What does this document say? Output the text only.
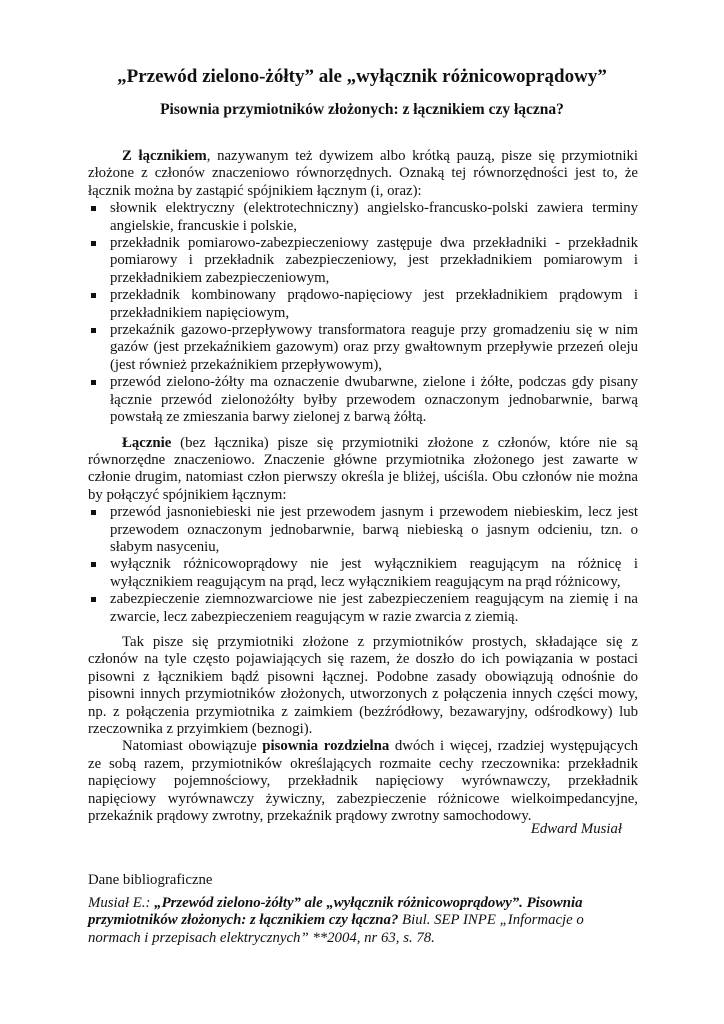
„Przewód zielono-żółty” ale „wyłącznik różnicowoprądowy”
Pisownia przymiotników złożonych: z łącznikiem czy łączna?

Z łącznikiem, nazywanym też dywizem albo krótką pauzą, pisze się przymiotniki złożone z członów znaczeniowo równorzędnych. Oznaką tej równorzędności jest to, że łącznik można by zastąpić spójnikiem łącznym (i, oraz):

słownik elektryczny (elektrotechniczny) angielsko-francusko-polski zawiera terminy angielskie, francuskie i polskie,
przekładnik pomiarowo-zabezpieczeniowy zastępuje dwa przekładniki - przekładnik pomiarowy i przekładnik zabezpieczeniowy, jest przekładnikiem pomiarowym i przekładnikiem zabezpieczeniowym,
przekładnik kombinowany prądowo-napięciowy jest przekładnikiem prądowym i przekładnikiem napięciowym,
przekaźnik gazowo-przepływowy transformatora reaguje przy gromadzeniu się w nim gazów (jest przekaźnikiem gazowym) oraz przy gwałtownym przepływie przezeń oleju (jest również przekaźnikiem przepływowym),
przewód zielono-żółty ma oznaczenie dwubarwne, zielone i żółte, podczas gdy pisany łącznie przewód zielonożółty byłby przewodem oznaczonym jednobarwnie, barwą powstałą ze zmieszania barwy zielonej z barwą żółtą.

Łącznie (bez łącznika) pisze się przymiotniki złożone z członów, które nie są równorzędne znaczeniowo. Znaczenie główne przymiotnika złożonego jest zawarte w członie drugim, natomiast człon pierwszy określa je bliżej, uściśla. Obu członów nie można by połączyć spójnikiem łącznym:

przewód jasnoniebieski nie jest przewodem jasnym i przewodem niebieskim, lecz jest przewodem oznaczonym jednobarwnie, barwą niebieską o jasnym odcieniu, tzn. o słabym nasyceniu,
wyłącznik różnicowoprądowy nie jest wyłącznikiem reagującym na różnicę i wyłącznikiem reagującym na prąd, lecz wyłącznikiem reagującym na prąd różnicowy,
zabezpieczenie ziemnozwarciowe nie jest zabezpieczeniem reagującym na ziemię i na zwarcie, lecz zabezpieczeniem reagującym w razie zwarcia z ziemią.

Tak pisze się przymiotniki złożone z przymiotników prostych, składające się z członów na tyle często pojawiających się razem, że doszło do ich powiązania w postaci pisowni z łącznikiem bądź pisowni łącznej. Podobne zasady obowiązują odnośnie do pisowni innych przymiotników złożonych, utworzonych z połączenia innych części mowy, np. z połączenia przymiotnika z zaimkiem (bezźródłowy, bezawaryjny, odśrodkowy) lub rzeczownika z przyimkiem (beznogi).

Natomiast obowiązuje pisownia rozdzielna dwóch i więcej, rzadziej występujących ze sobą razem, przymiotników określających rozmaite cechy rzeczownika: przekładnik napięciowy pojemnościowy, przekładnik napięciowy wyrównawczy, przekładnik napięciowy wyrównawczy żywiczny, zabezpieczenie różnicowe wielkoimpedancyjne, przekaźnik prądowy zwrotny, przekaźnik prądowy zwrotny samochodowy.

Edward Musiał
Dane bibliograficzne
Musiał E.: „Przewód zielono-żółty” ale „wyłącznik różnicowoprądowy”. Pisownia przymiotników złożonych: z łącznikiem czy łączna? Biul. SEP INPE „Informacje o normach i przepisach elektrycznych” **2004, nr 63, s. 78.
